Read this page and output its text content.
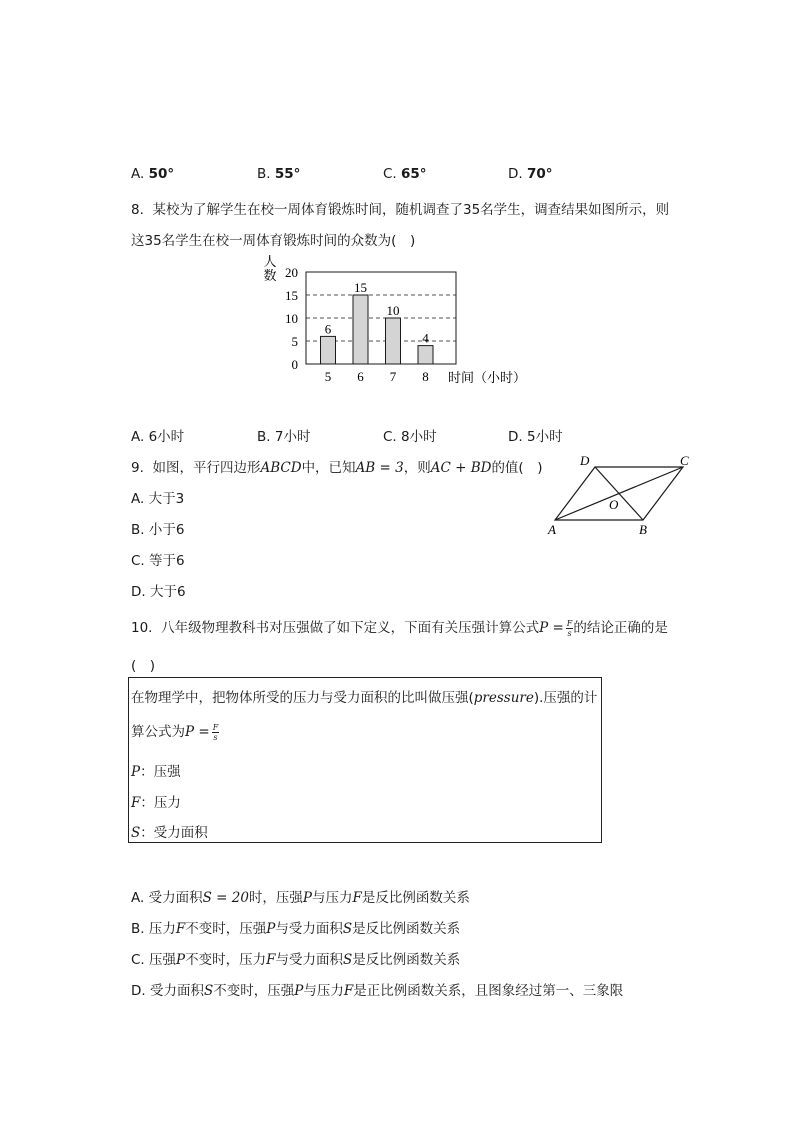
A. 50°	B. 55°	C. 65°	D. 70°
8. 某校为了解学生在校一周体育锻炼时间，随机调查了35名学生，调查结果如图所示，则
这35名学生在校一周体育锻炼时间的众数为(　)
0
5
10
15
20
人
数
6
5
15
6
10
7
4
8 时间（小时）
A. 6小时	B. 7小时	C. 8小时	D. 5小时
9. 如图，平行四边形ABCD中，已知AB = 3，则AC + BD的值(　)
A. 大于3
B. 小于6
C. 等于6
D. 大于6
A	B
C
D
O
10. 八年级物理教科书对压强做了如下定义，下面有关压强计算公式$P = \frac{F}{s}$ 的结论正确的是
(　)
在物理学中，把物体所受的压力与受力面积的比叫做压强(pressure).压强的计
算公式为$P = \frac{F}{s}$
P：压强
F：压力
S：受力面积
A. 受力面积S = 20时，压强P与压力F是反比例函数关系
B. 压力F不变时，压强P与受力面积S是反比例函数关系
C. 压强P不变时，压力F与受力面积S是反比例函数关系
D. 受力面积S不变时，压强P与压力F是正比例函数关系，且图象经过第一、三象限
